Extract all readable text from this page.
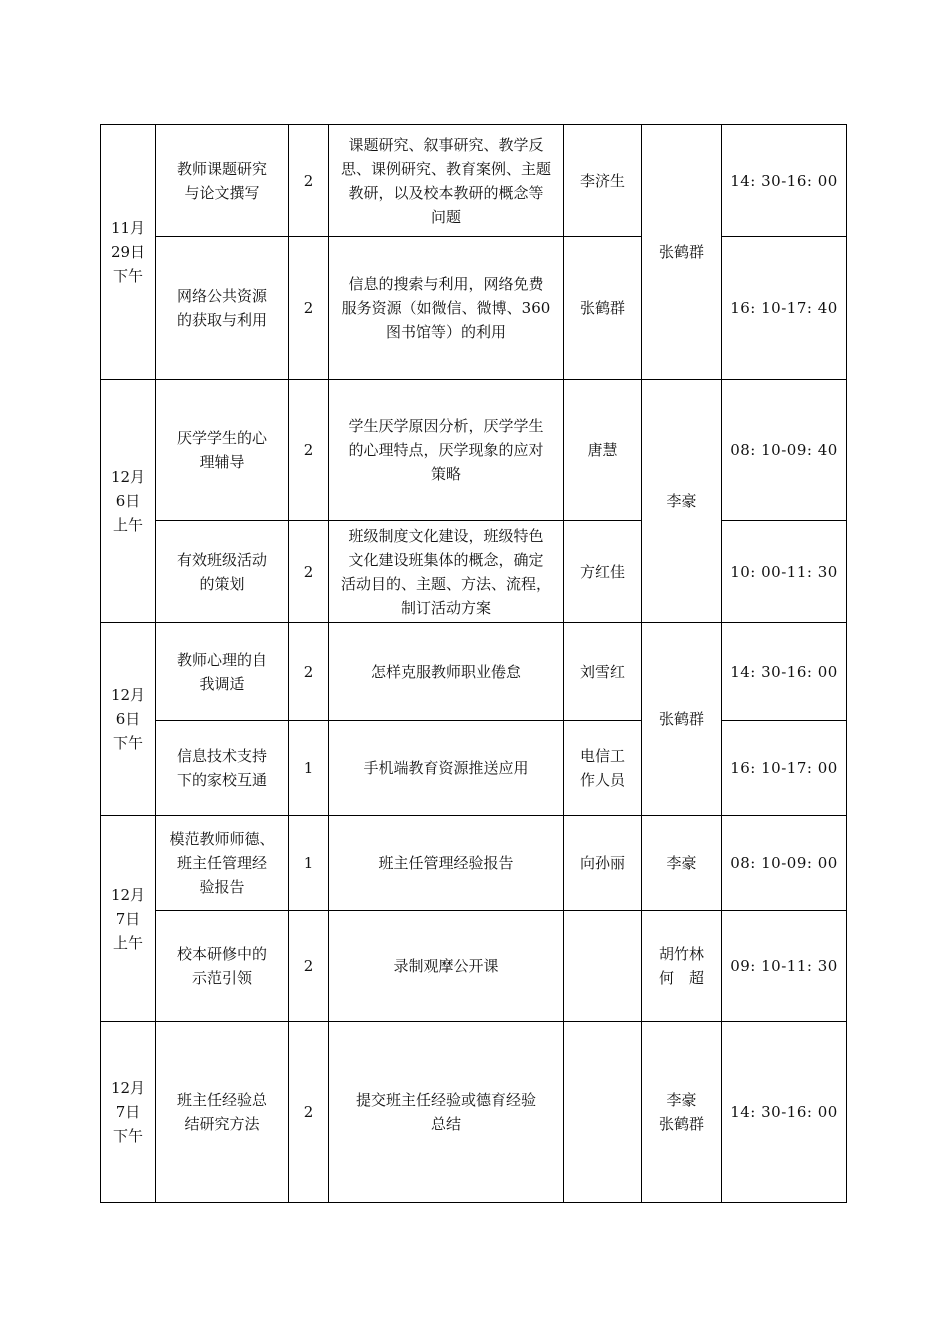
11月
29日
下午	教师课题研究
与论文撰写	2	课题研究、叙事研究、教学反
思、课例研究、教育案例、主题
教研，以及校本教研的概念等
问题	李济生	张鹤群	14: 30-16: 00

	网络公共资源
的获取与利用	2	信息的搜索与利用，网络免费
服务资源（如微信、微博、360
图书馆等）的利用	张鹤群		16: 10-17: 40

12月
6日
上午	厌学学生的心
理辅导	2	学生厌学原因分析，厌学学生
的心理特点，厌学现象的应对
策略	唐慧	李豪	08: 10-09: 40

	有效班级活动
的策划	2	班级制度文化建设，班级特色
文化建设班集体的概念，确定
活动目的、主题、方法、流程，
制订活动方案	方红佳		10: 00-11: 30

12月
6日
下午	教师心理的自
我调适	2	怎样克服教师职业倦怠	刘雪红	张鹤群	14: 30-16: 00

	信息技术支持
下的家校互通	1	手机端教育资源推送应用	电信工
作人员		16: 10-17: 00

12月
7日
上午	模范教师师德、
班主任管理经
验报告	1	班主任管理经验报告	向孙丽	李豪	08: 10-09: 00

	校本研修中的
示范引领	2	录制观摩公开课		胡竹林
何　超	09: 10-11: 30

12月
7日
下午	班主任经验总
结研究方法	2	提交班主任经验或德育经验
总结		李豪
张鹤群	14: 30-16: 00
